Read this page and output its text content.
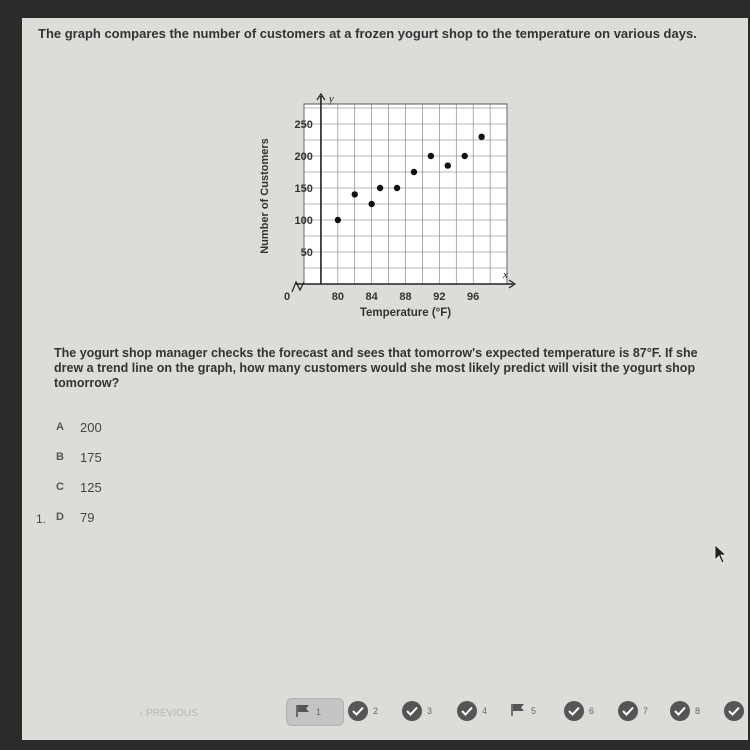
The graph compares the number of customers at a frozen yogurt shop to the temperature on various days.
y
x
50
100
150
200
250
80 84 88 92 96
0
Temperature (°F)
Number of Customers
The yogurt shop manager checks the forecast and sees that tomorrow's expected temperature is 87°F. If she drew a trend line on the graph, how many customers would she most likely predict will visit the yogurt shop tomorrow?
A	200
B	175
C	125
D	79
1.
‹ PREVIOUS	1	2	3	4	5	6	7	8
